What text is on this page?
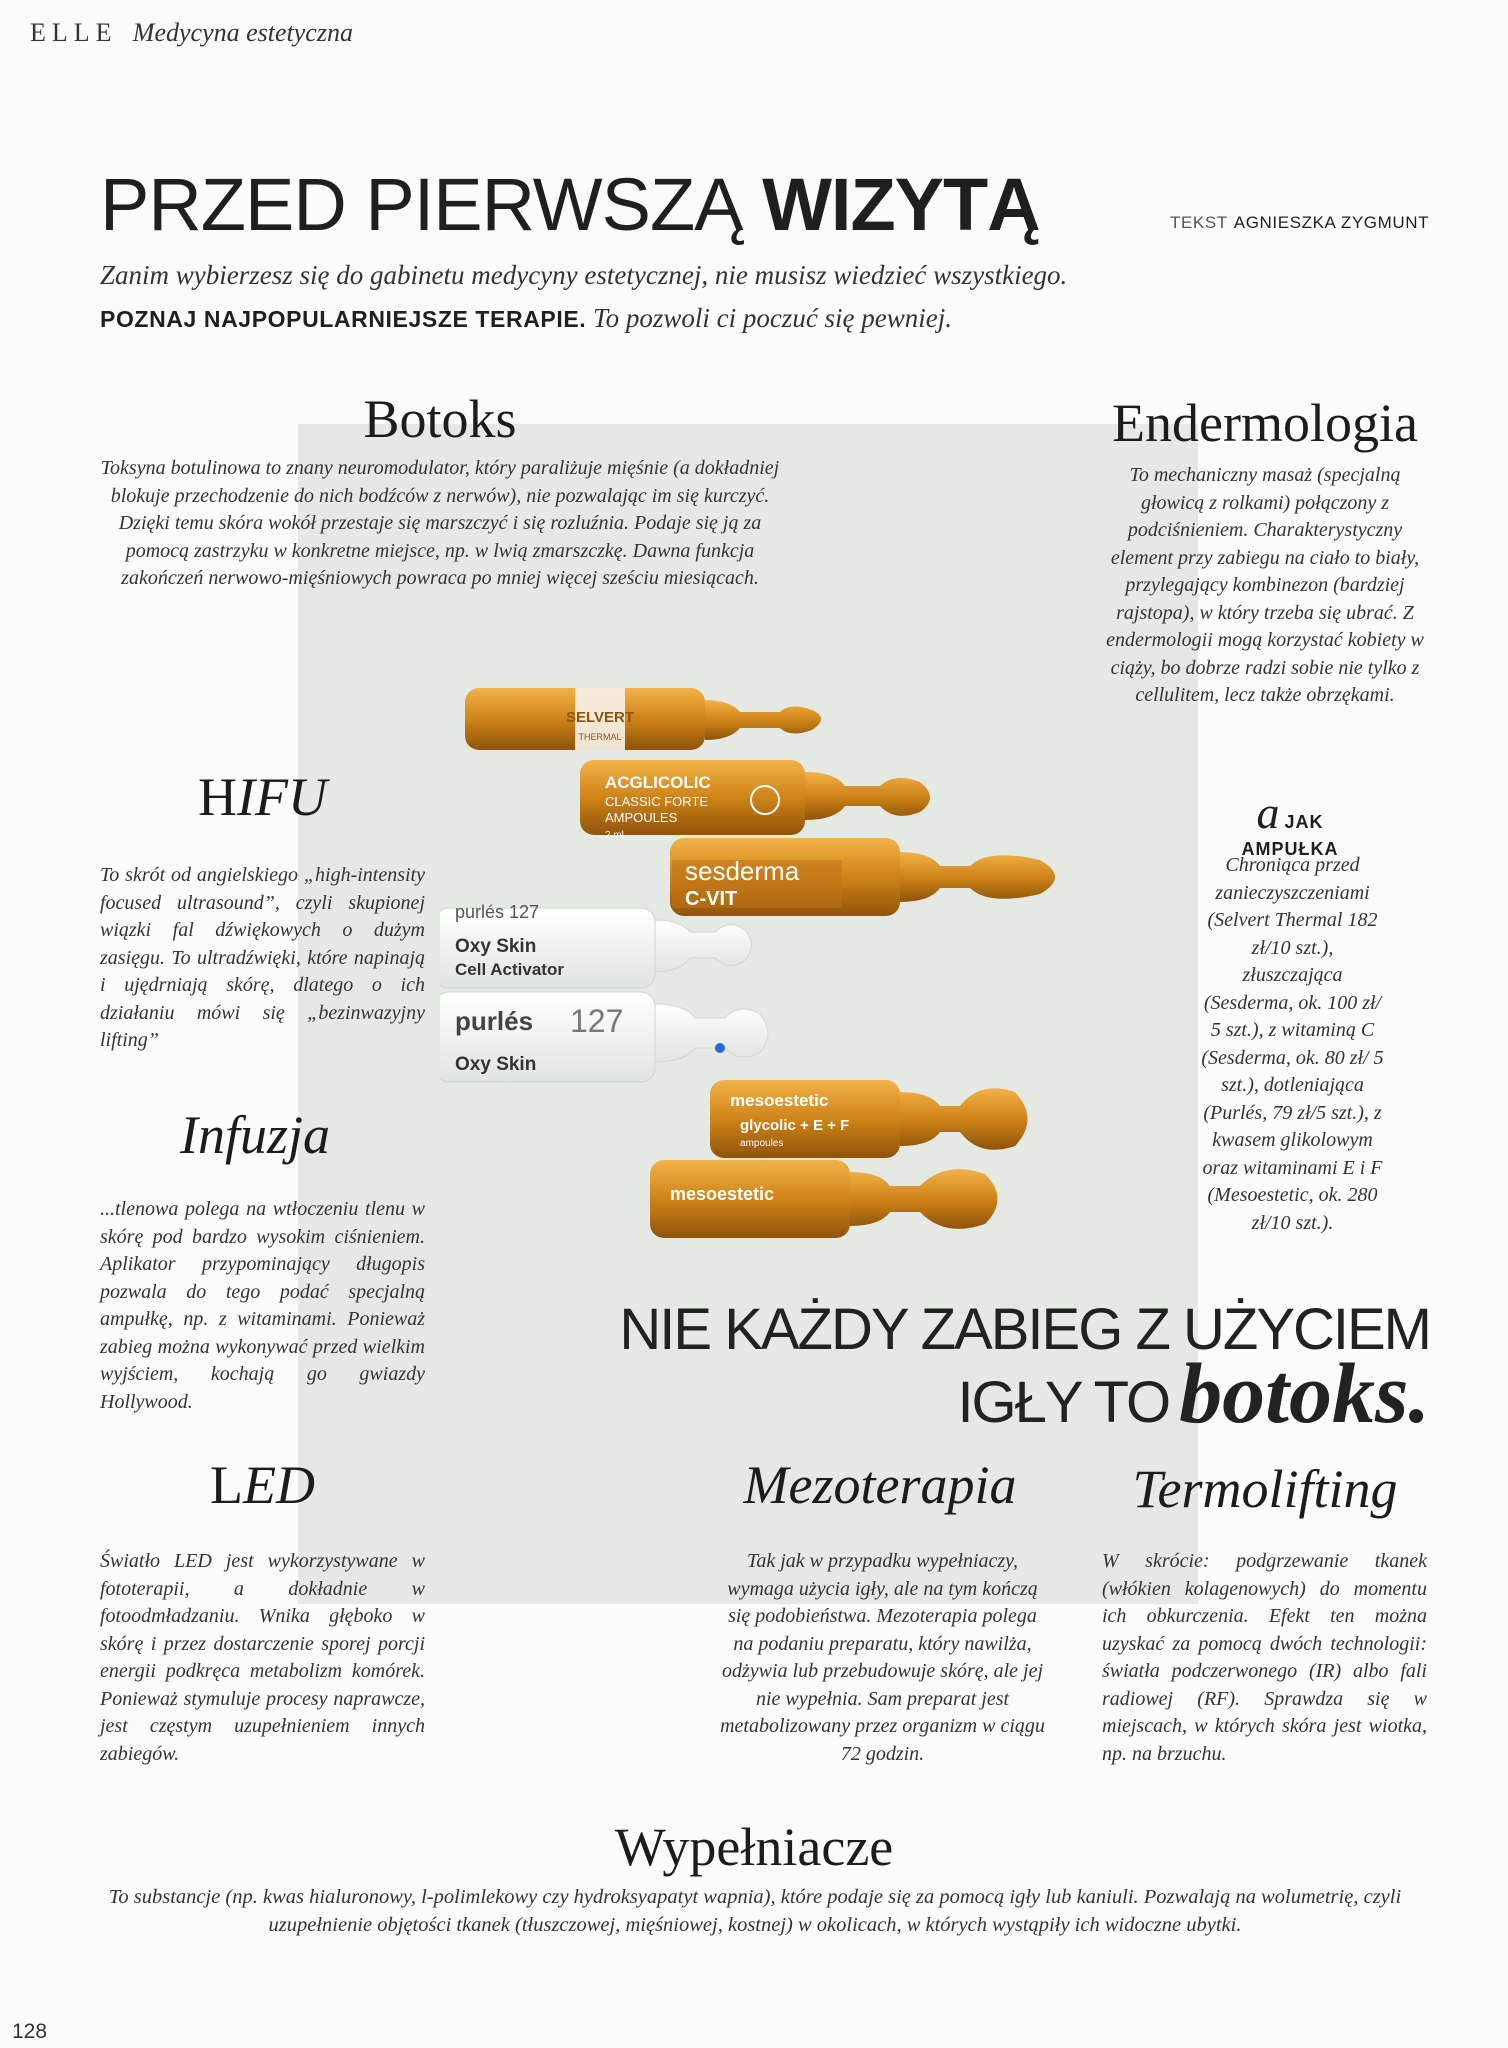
ELLE Medycyna estetyczna
PRZED PIERWSZĄ WIZYTĄ	TEKST AGNIESZKA ZYGMUNT
Zanim wybierzesz się do gabinetu medycyny estetycznej, nie musisz wiedzieć wszystkiego.
POZNAJ NAJPOPULARNIEJSZE TERAPIE. To pozwoli ci poczuć się pewniej.
SELVERT
THERMAL
ACGLICOLIC
CLASSIC FORTE
AMPOULES
2 ml
sesderma
C-VIT
purlés 127
Oxy Skin
Cell Activator
purlés 127
Oxy Skin
mesoestetic
glycolic + E + F
ampoules
mesoestetic
Botoks
Toksyna botulinowa to znany neuromodulator, który paraliżuje mięśnie (a dokładniej blokuje przechodzenie do nich bodźców z nerwów), nie pozwalając im się kurczyć. Dzięki temu skóra wokół przestaje się marszczyć i się rozluźnia. Podaje się ją za pomocą zastrzyku w konkretne miejsce, np. w lwią zmarszczkę. Dawna funkcja zakończeń nerwowo-mięśniowych powraca po mniej więcej sześciu miesiącach.
Endermologia
To mechaniczny masaż (specjalną głowicą z rolkami) połączony z podciśnieniem. Charakterystyczny element przy zabiegu na ciało to biały, przylegający kombinezon (bardziej rajstopa), w który trzeba się ubrać. Z endermologii mogą korzystać kobiety w ciąży, bo dobrze radzi sobie nie tylko z cellulitem, lecz także obrzękami.
HIFU
To skrót od angielskiego „high-intensity focused ultrasound”, czyli skupionej wiązki fal dźwiękowych o dużym zasięgu. To ultradźwięki, które napinają i ujędrniają skórę, dlatego o ich działaniu mówi się „bezinwazyjny lifting”
a JAK
AMPUŁKA
Chroniąca przed zanieczyszczeniami (Selvert Thermal 182 zł/10 szt.), złuszczająca (Sesderma, ok. 100 zł/ 5 szt.), z witaminą C (Sesderma, ok. 80 zł/ 5 szt.), dotleniająca (Purlés, 79 zł/5 szt.), z kwasem glikolowym oraz witaminami E i F (Mesoestetic, ok. 280 zł/10 szt.).
Infuzja
...tlenowa polega na wtłoczeniu tlenu w skórę pod bardzo wysokim ciśnieniem. Aplikator przypominający długopis pozwala do tego podać specjalną ampułkę, np. z witaminami. Ponieważ zabieg można wykonywać przed wielkim wyjściem, kochają go gwiazdy Hollywood.
NIE KAŻDY ZABIEG Z UŻYCIEM
IGŁY TO botoks.
LED
Światło LED jest wykorzystywane w fototerapii, a dokładnie w fotoodmładzaniu. Wnika głęboko w skórę i przez dostarczenie sporej porcji energii podkręca metabolizm komórek. Ponieważ stymuluje procesy naprawcze, jest częstym uzupełnieniem innych zabiegów.
Mezoterapia
Tak jak w przypadku wypełniaczy, wymaga użycia igły, ale na tym kończą się podobieństwa. Mezoterapia polega na podaniu preparatu, który nawilża, odżywia lub przebudowuje skórę, ale jej nie wypełnia. Sam preparat jest metabolizowany przez organizm w ciągu 72 godzin.
Termolifting
W skrócie: podgrzewanie tkanek (włókien kolagenowych) do momentu ich obkurczenia. Efekt ten można uzyskać za pomocą dwóch technologii: światła podczerwonego (IR) albo fali radiowej (RF). Sprawdza się w miejscach, w których skóra jest wiotka, np. na brzuchu.
Wypełniacze
To substancje (np. kwas hialuronowy, l-polimlekowy czy hydroksyapatyt wapnia), które podaje się za pomocą igły lub kaniuli. Pozwalają na wolumetrię, czyli uzupełnienie objętości tkanek (tłuszczowej, mięśniowej, kostnej) w okolicach, w których wystąpiły ich widoczne ubytki.
128
